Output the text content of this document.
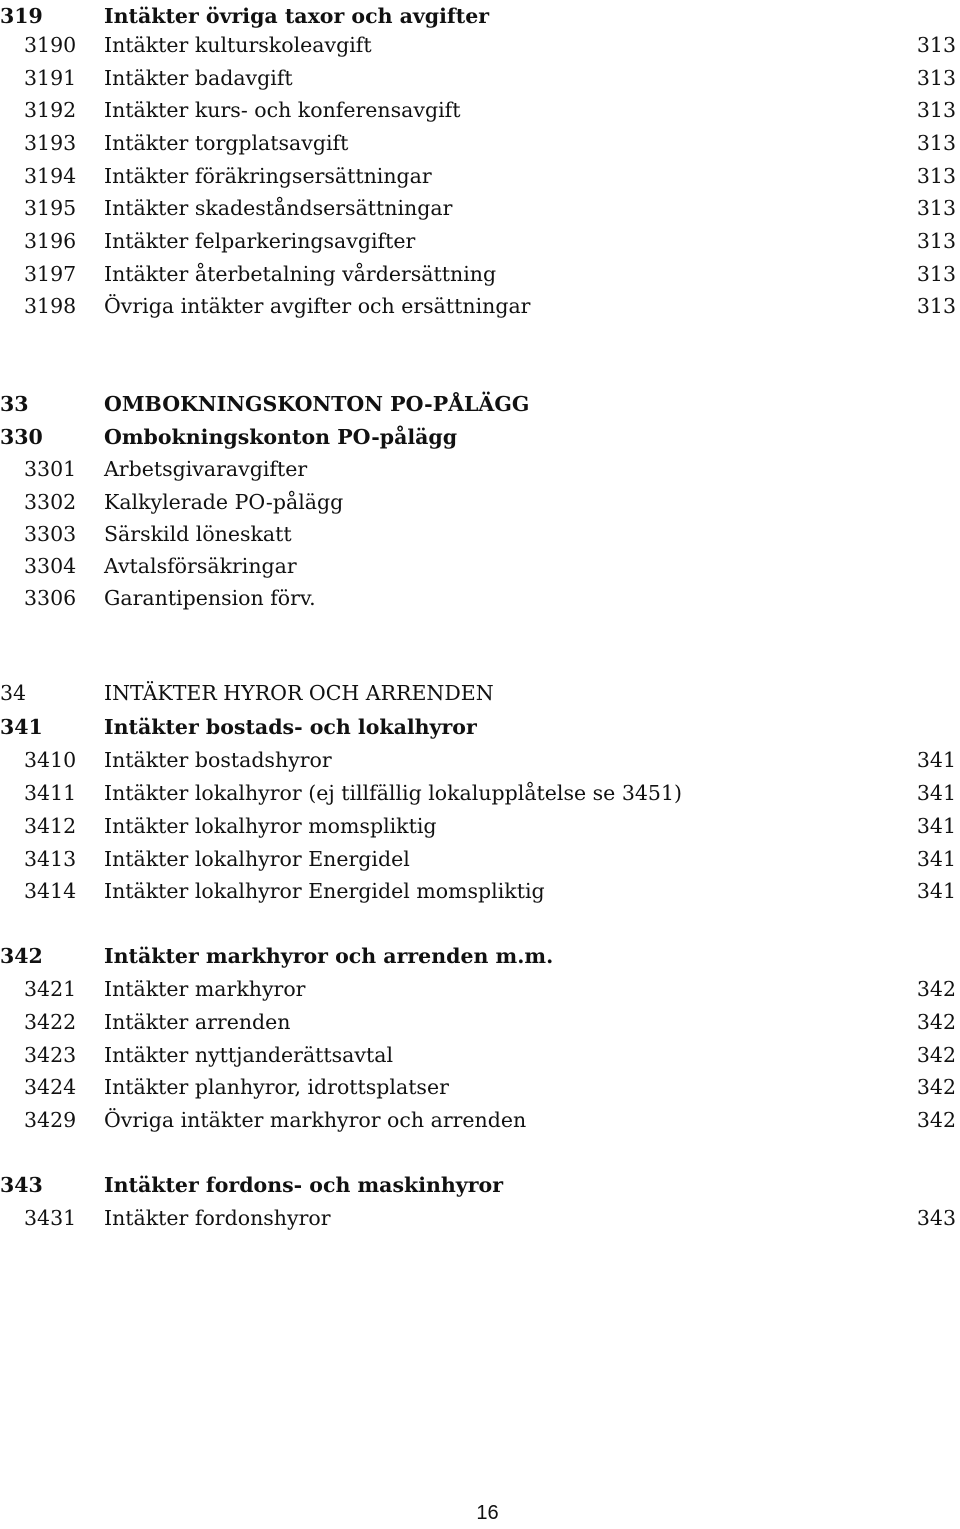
319	Intäkter övriga taxor och avgifter
3190 Intäkter kulturskoleavgift	313
3191 Intäkter badavgift	313
3192 Intäkter kurs- och konferensavgift	313
3193 Intäkter torgplatsavgift	313
3194 Intäkter föräkringsersättningar	313
3195 Intäkter skadeståndsersättningar	313
3196 Intäkter felparkeringsavgifter	313
3197 Intäkter återbetalning vårdersättning	313
3198 Övriga intäkter avgifter och ersättningar	313
33	OMBOKNINGSKONTON PO-PÅLÄGG
330	Ombokningskonton PO-pålägg
3301 Arbetsgivaravgifter
3302 Kalkylerade PO-pålägg
3303 Särskild löneskatt
3304 Avtalsförsäkringar
3306 Garantipension förv.
34	INTÄKTER HYROR OCH ARRENDEN
341	Intäkter bostads- och lokalhyror
3410 Intäkter bostadshyror	341
3411 Intäkter lokalhyror (ej tillfällig lokalupplåtelse se 3451)	341
3412 Intäkter lokalhyror momspliktig	341
3413 Intäkter lokalhyror Energidel	341
3414 Intäkter lokalhyror Energidel momspliktig	341
342	Intäkter markhyror och arrenden m.m.
3421 Intäkter markhyror	342
3422 Intäkter arrenden	342
3423 Intäkter nyttjanderättsavtal	342
3424 Intäkter planhyror, idrottsplatser	342
3429 Övriga intäkter markhyror och arrenden	342
343	Intäkter fordons- och maskinhyror
3431 Intäkter fordonshyror	343
16
